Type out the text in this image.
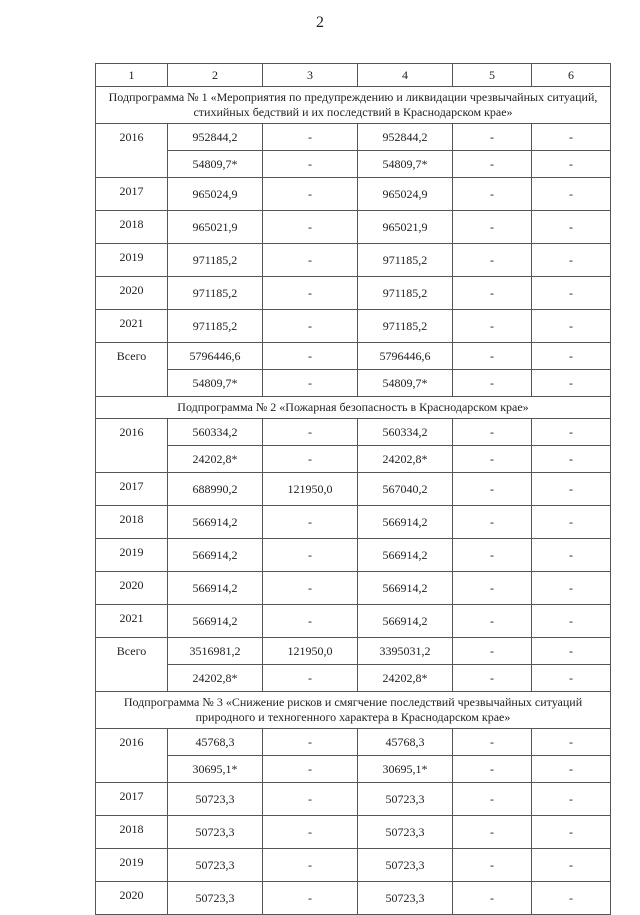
2
1	2	3	4	5	6
Подпрограмма № 1 «Мероприятия по предупреждению и ликвидации чрезвычайных ситуаций, стихийных бедствий и их последствий в Краснодарском крае»					
2016	952844,2	-	952844,2	-	-
	54809,7*	-	54809,7*	-	-
2017	965024,9	-	965024,9	-	-
2018	965021,9	-	965021,9	-	-
2019	971185,2	-	971185,2	-	-
2020	971185,2	-	971185,2	-	-
2021	971185,2	-	971185,2	-	-
Всего	5796446,6	-	5796446,6	-	-
	54809,7*	-	54809,7*	-	-
Подпрограмма № 2 «Пожарная безопасность в Краснодарском крае»					
2016	560334,2	-	560334,2	-	-
	24202,8*	-	24202,8*	-	-
2017	688990,2	121950,0	567040,2	-	-
2018	566914,2	-	566914,2	-	-
2019	566914,2	-	566914,2	-	-
2020	566914,2	-	566914,2	-	-
2021	566914,2	-	566914,2	-	-
Всего	3516981,2	121950,0	3395031,2	-	-
	24202,8*	-	24202,8*	-	-
Подпрограмма № 3 «Снижение рисков и смягчение последствий чрезвычайных ситуаций природного и техногенного характера в Краснодарском крае»					
2016	45768,3	-	45768,3	-	-
	30695,1*	-	30695,1*	-	-
2017	50723,3	-	50723,3	-	-
2018	50723,3	-	50723,3	-	-
2019	50723,3	-	50723,3	-	-
2020	50723,3	-	50723,3	-	-
